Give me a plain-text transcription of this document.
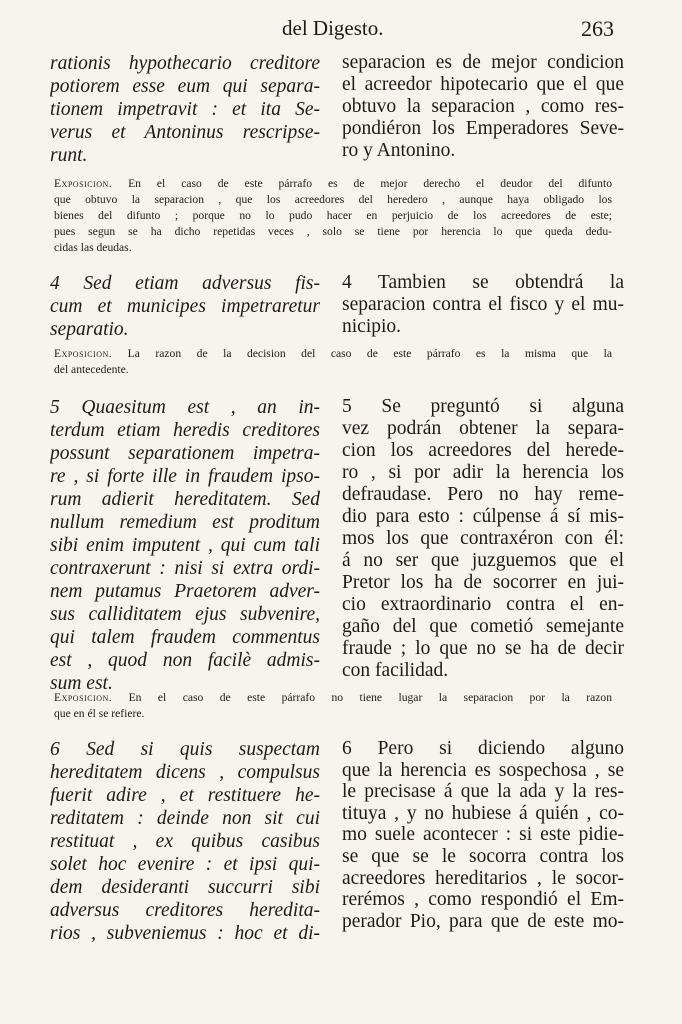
del Digesto.	263
rationis hypothecario creditore
potiorem esse eum qui separa-
tionem impetravit : et ita Se-
verus et Antoninus rescripse-
runt.
separacion es de mejor condicion
el acreedor hipotecario que el que
obtuvo la separacion , como res-
pondiéron los Emperadores Seve-
ro y Antonino.
Exposicion. En el caso de este párrafo es de mejor derecho el deudor del difunto
que obtuvo la separacion , que los acreedores del heredero , aunque haya obligado los
bienes del difunto ; porque no lo pudo hacer en perjuicio de los acreedores de este;
pues segun se ha dicho repetidas veces , solo se tiene por herencia lo que queda dedu-
cidas las deudas.
4 Sed etiam adversus fis-
cum et municipes impetraretur
separatio.
4 Tambien se obtendrá la
separacion contra el fisco y el mu-
nicipio.
Exposicion. La razon de la decision del caso de este párrafo es la misma que la
del antecedente.
5 Quaesitum est , an in-
terdum etiam heredis creditores
possunt separationem impetra-
re , si forte ille in fraudem ipso-
rum adierit hereditatem. Sed
nullum remedium est proditum
sibi enim imputent , qui cum tali
contraxerunt : nisi si extra ordi-
nem putamus Praetorem adver-
sus calliditatem ejus subvenire,
qui talem fraudem commentus
est , quod non facilè admis-
sum est.
5 Se preguntó si alguna
vez podrán obtener la separa-
cion los acreedores del herede-
ro , si por adir la herencia los
defraudase. Pero no hay reme-
dio para esto : cúlpense á sí mis-
mos los que contraxéron con él:
á no ser que juzguemos que el
Pretor los ha de socorrer en jui-
cio extraordinario contra el en-
gaño del que cometió semejante
fraude ; lo que no se ha de decir
con facilidad.
Exposicion. En el caso de este párrafo no tiene lugar la separacion por la razon
que en él se refiere.
6 Sed si quis suspectam
hereditatem dicens , compulsus
fuerit adire , et restituere he-
reditatem : deinde non sit cui
restituat , ex quibus casibus
solet hoc evenire : et ipsi qui-
dem desideranti succurri sibi
adversus creditores heredita-
rios , subveniemus : hoc et di-
6 Pero si diciendo alguno
que la herencia es sospechosa , se
le precisase á que la ada y la res-
tituya , y no hubiese á quién , co-
mo suele acontecer : si este pidie-
se que se le socorra contra los
acreedores hereditarios , le socor-
rerémos , como respondió el Em-
perador Pio, para que de este mo-
